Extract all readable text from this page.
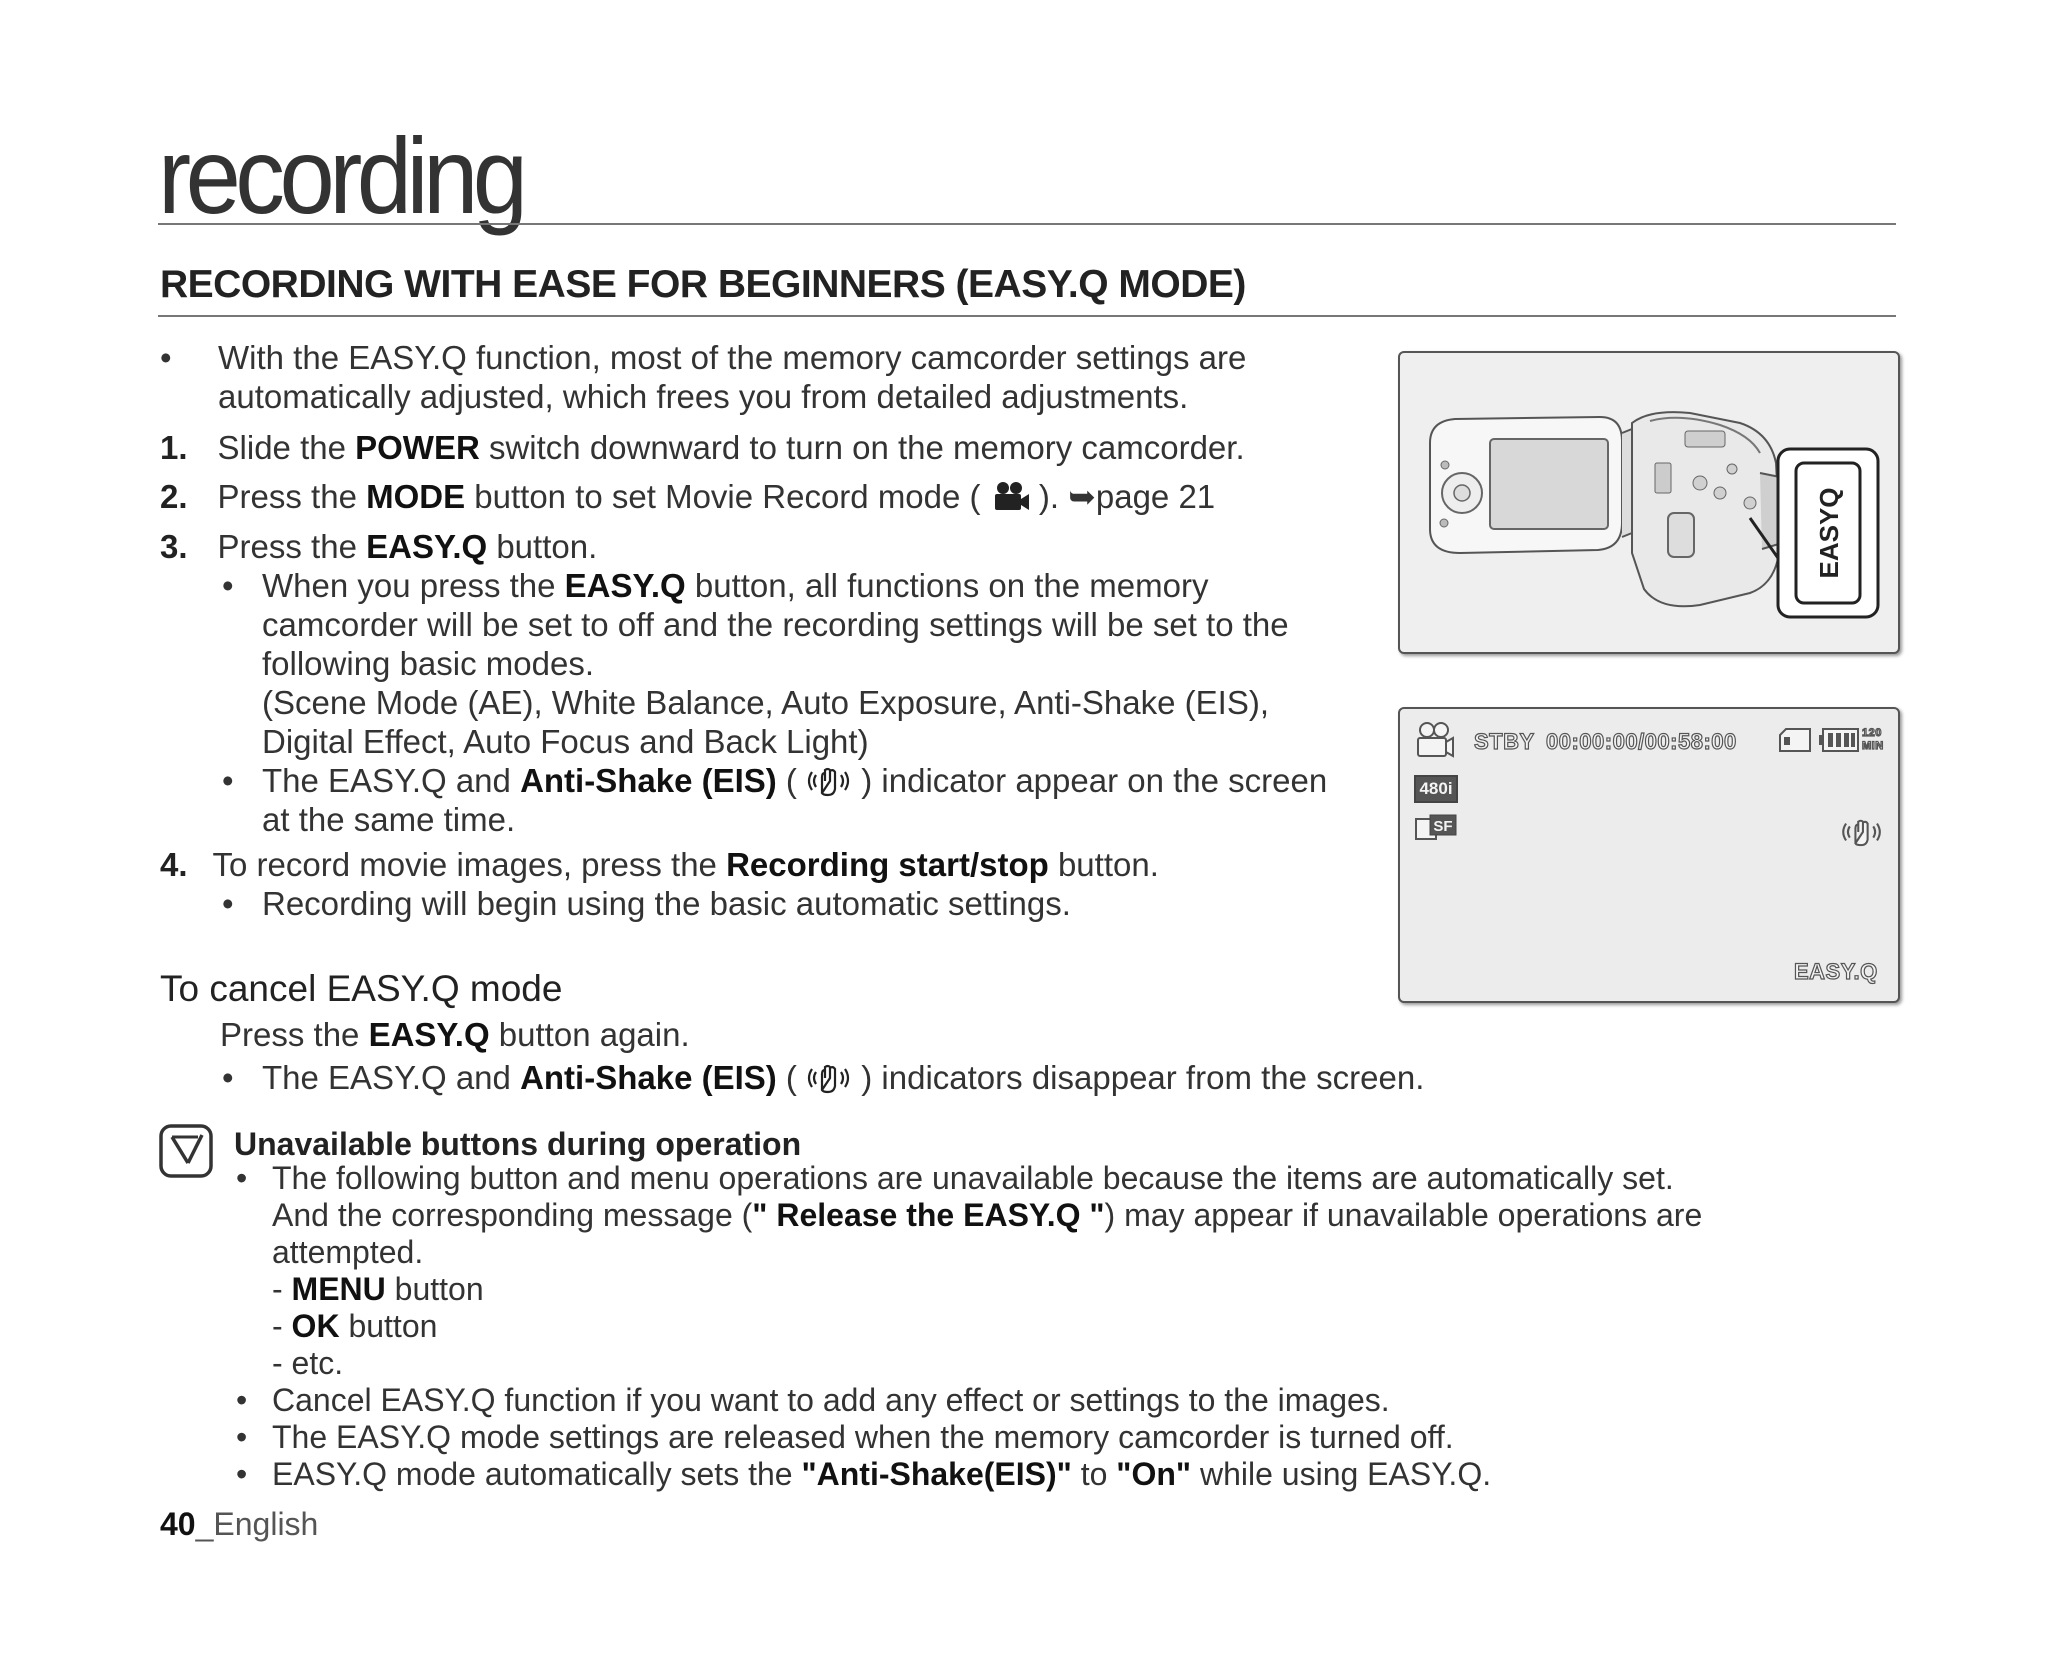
recording
RECORDING WITH EASE FOR BEGINNERS (EASY.Q MODE)
• With the EASY.Q function, most of the memory camcorder settings are
automatically adjusted, which frees you from detailed adjustments.
1. Slide the POWER switch downward to turn on the memory camcorder.
2. Press the MODE button to set Movie Record mode (  ). ➥page 21
3. Press the EASY.Q button.
• When you press the EASY.Q button, all functions on the memory
camcorder will be set to off and the recording settings will be set to the
following basic modes.
(Scene Mode (AE), White Balance, Auto Exposure, Anti-Shake (EIS),
Digital Effect, Auto Focus and Back Light)
• The EASY.Q and Anti-Shake (EIS) (  ) indicator appear on the screen
at the same time.
4. To record movie images, press the Recording start/stop button.
• Recording will begin using the basic automatic settings.
EASYQ
STBY 00:00:00/00:58:00	120
MIN
480i
SF
EASY.Q
To cancel EASY.Q mode
Press the EASY.Q button again.
• The EASY.Q and Anti-Shake (EIS) (  ) indicators disappear from the screen.
Unavailable buttons during operation
• The following button and menu operations are unavailable because the items are automatically set.
And the corresponding message (" Release the EASY.Q ") may appear if unavailable operations are
attempted.
- MENU button
- OK button
- etc.
• Cancel EASY.Q function if you want to add any effect or settings to the images.
• The EASY.Q mode settings are released when the memory camcorder is turned off.
• EASY.Q mode automatically sets the "Anti-Shake(EIS)" to "On" while using EASY.Q.
40_English
